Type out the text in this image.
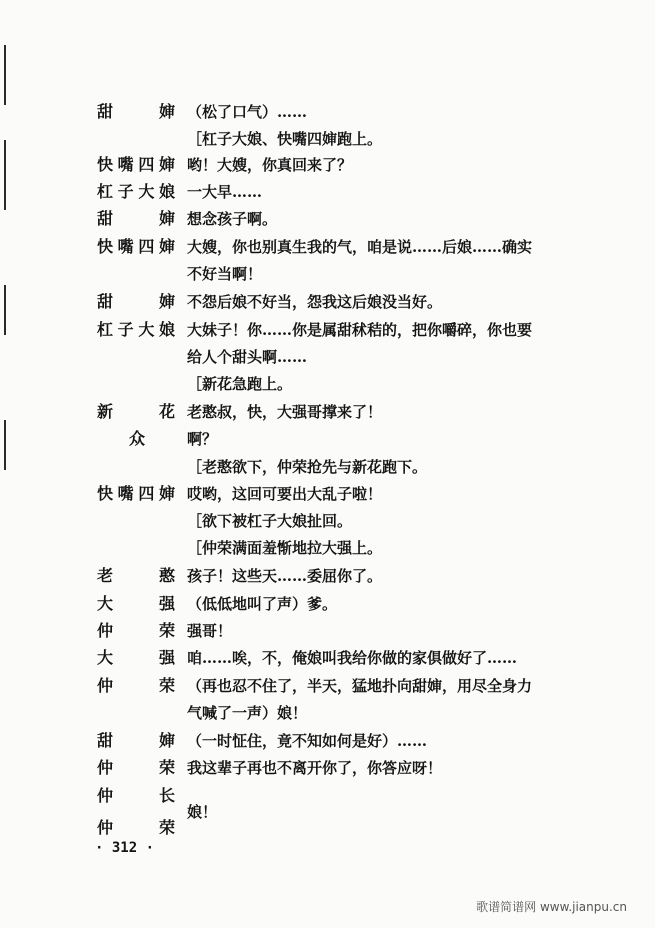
甜 婶 （松了口气）……
［杠子大娘、快嘴四婶跑上。
快嘴四婶 哟！大嫂，你真回来了？
杠子大娘 一大早……
甜 婶 想念孩子啊。
快嘴四婶 大嫂，你也别真生我的气，咱是说……后娘……确实
不好当啊！
甜 婶 不怨后娘不好当，怨我这后娘没当好。
杠子大娘 大妹子！你……你是属甜秫秸的，把你嚼碎，你也要
给人个甜头啊……
［新花急跑上。
新 花 老憨叔，快，大强哥撑来了！
众	啊？
［老憨欲下，仲荣抢先与新花跑下。
快嘴四婶 哎哟，这回可要出大乱子啦！
［欲下被杠子大娘扯回。
［仲荣满面羞惭地拉大强上。
老 憨 孩子！这些天……委屈你了。
大 强 （低低地叫了声）爹。
仲 荣 强哥！
大 强 咱……唉，不，俺娘叫我给你做的家俱做好了……
仲 荣 （再也忍不住了，半天，猛地扑向甜婶，用尽全身力
气喊了一声）娘！
甜 婶 （一时怔住，竟不知如何是好）……
仲 荣 我这辈子再也不离开你了，你答应呀！
仲 长
娘！
仲 荣
· 312 ·
歌谱简谱网 www.jianpu.cn
